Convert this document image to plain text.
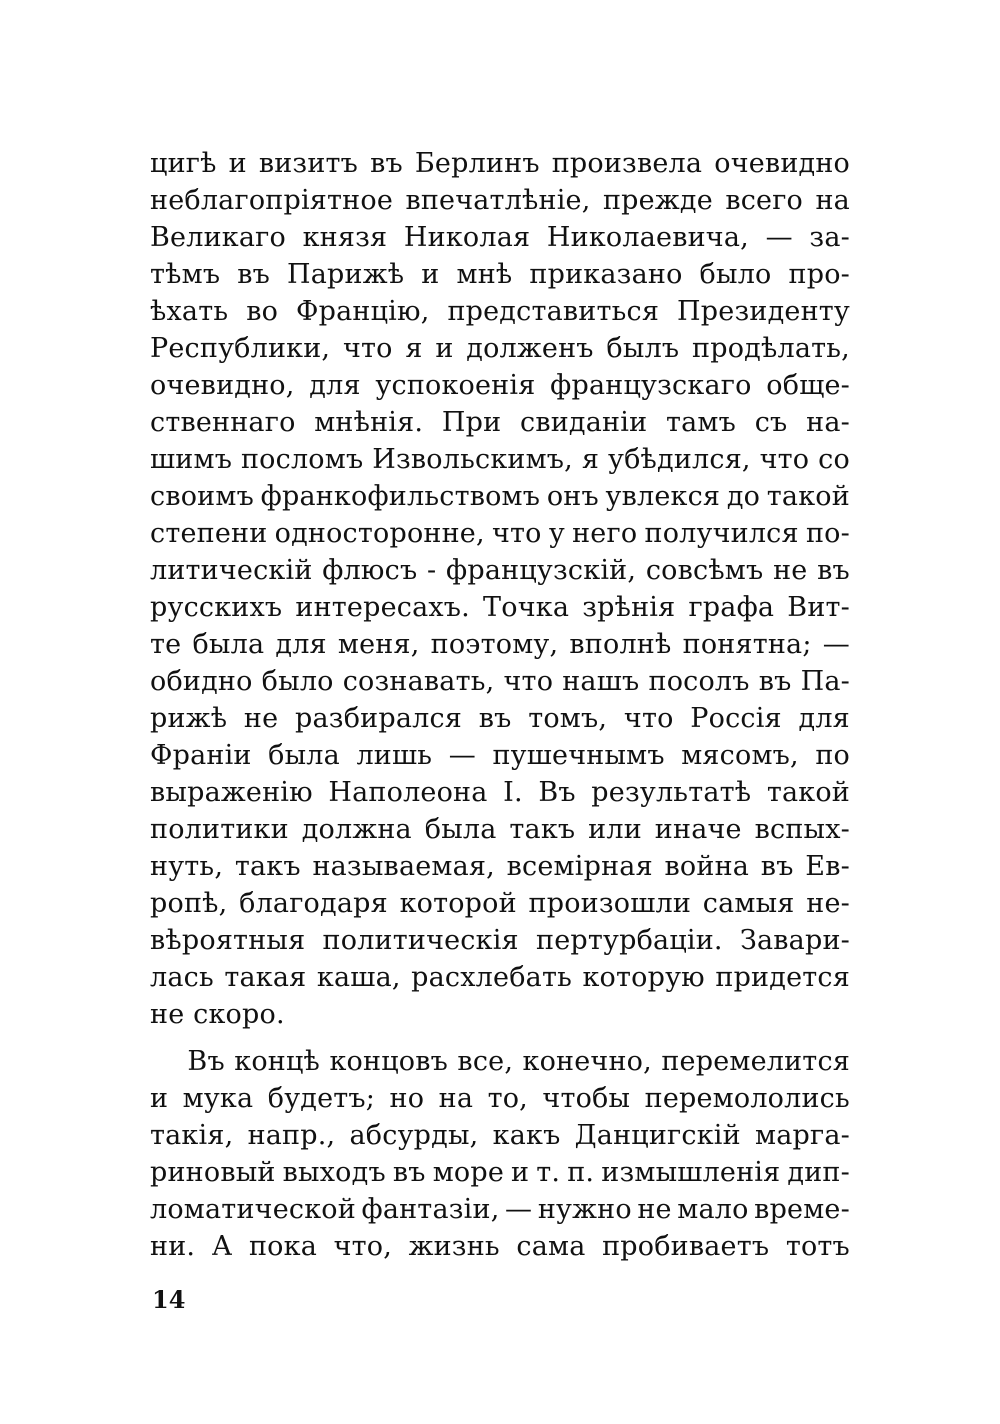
цигѣ и визитъ въ Берлинъ произвела очевидно
неблагопріятное впечатлѣніе, прежде всего на
Великаго князя Николая Николаевича, — за-
тѣмъ въ Парижѣ и мнѣ приказано было про-
ѣхать во Францію, представиться Президенту
Республики, что я и долженъ былъ продѣлать,
очевидно, для успокоенія французскаго обще-
ственнаго мнѣнія. При свиданіи тамъ съ на-
шимъ посломъ Извольскимъ, я убѣдился, что со
своимъ франкофильствомъ онъ увлекся до такой
степени односторонне, что у него получился по-
литическій флюсъ - французскій, совсѣмъ не въ
русскихъ интересахъ. Точка зрѣнія графа Вит-
те была для меня, поэтому, вполнѣ понятна; —
обидно было сознавать, что нашъ посолъ въ Па-
рижѣ не разбирался въ томъ, что Россія для
Франіи была лишь — пушечнымъ мясомъ, по
выраженію Наполеона I. Въ результатѣ такой
политики должна была такъ или иначе вспых-
нуть, такъ называемая, всемірная война въ Ев-
ропѣ, благодаря которой произошли самыя не-
вѣроятныя политическія пертурбаціи. Завари-
лась такая каша, расхлебать которую придется
не скоро.
Въ концѣ концовъ все, конечно, перемелится
и мука будетъ; но на то, чтобы перемололись
такія, напр., абсурды, какъ Данцигскій марга-
риновый выходъ въ море и т. п. измышленія дип-
ломатической фантазіи, — нужно не мало време-
ни. А пока что, жизнь сама пробиваетъ тотъ
14
